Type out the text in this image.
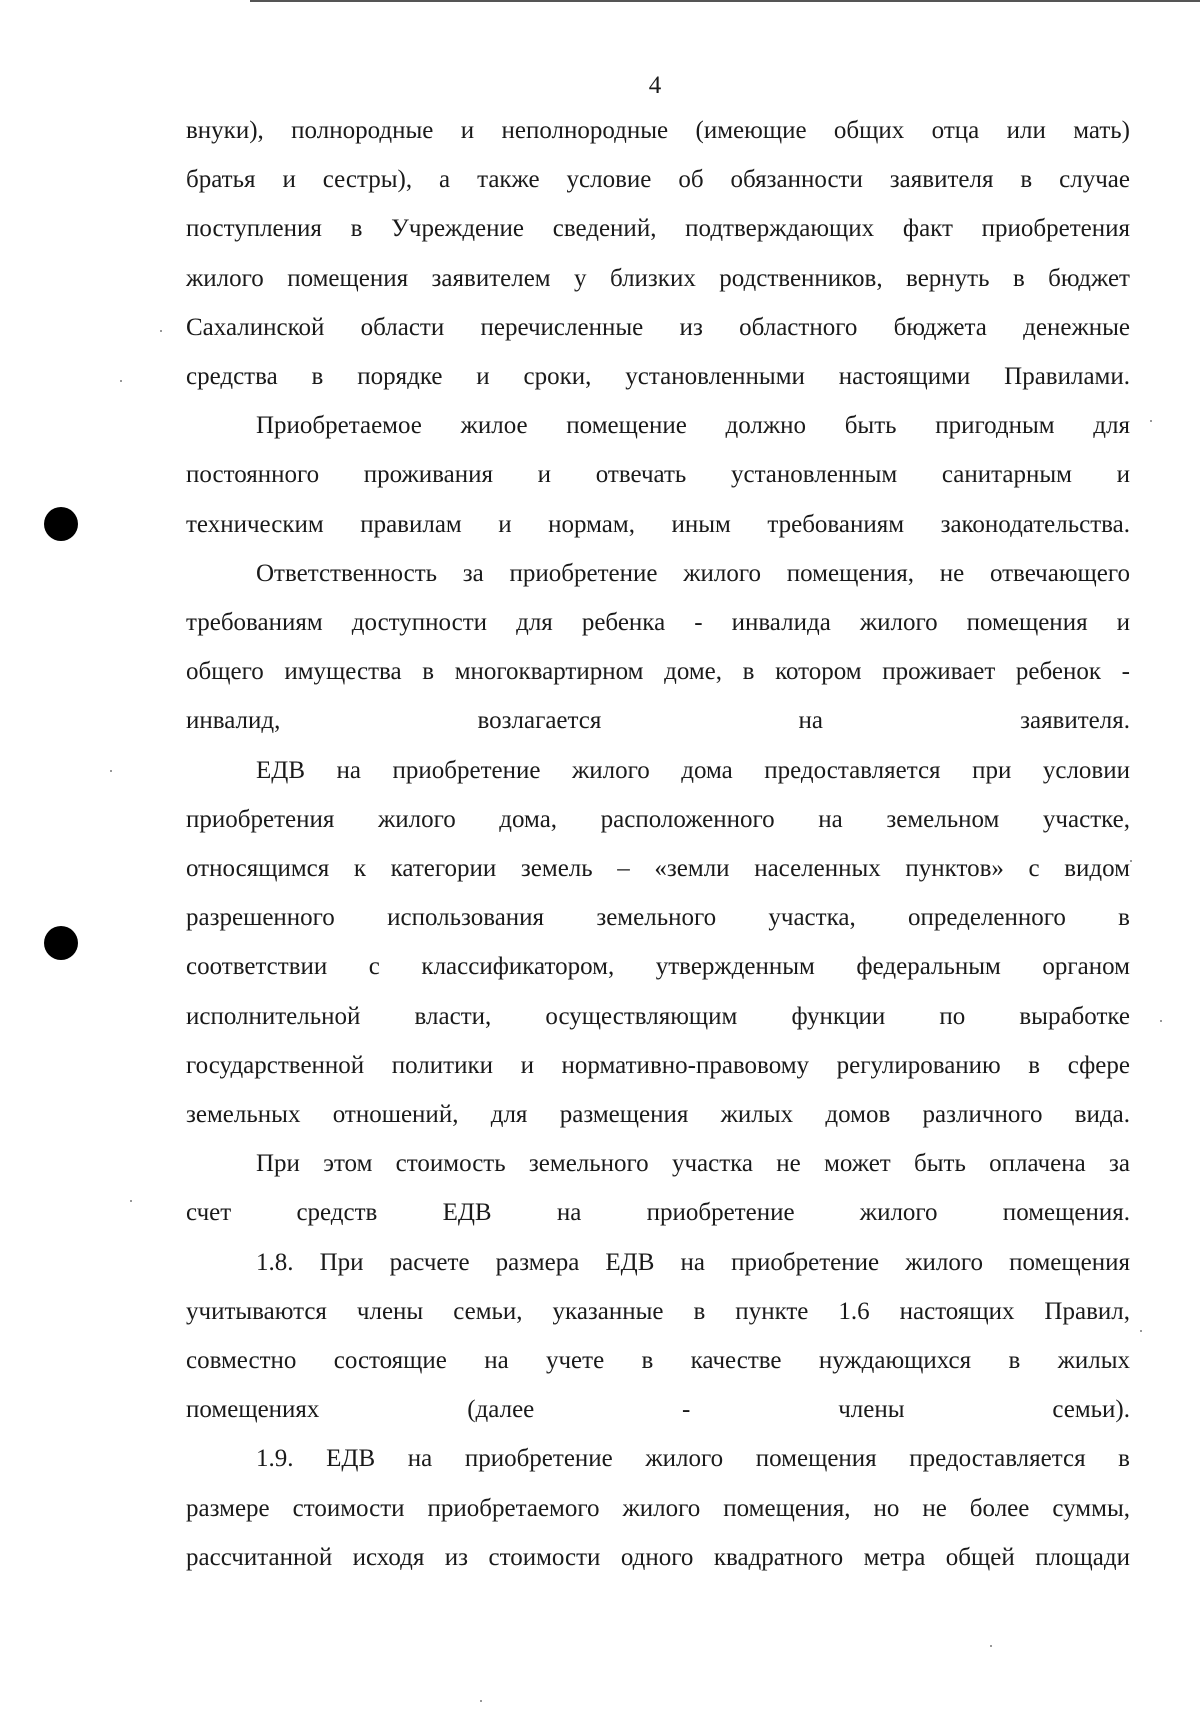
4

внуки), полнородные и неполнородные (имеющие общих отца или мать)
братья и сестры), а также условие об обязанности заявителя в случае
поступления в Учреждение сведений, подтверждающих факт приобретения
жилого помещения заявителем у близких родственников, вернуть в бюджет
Сахалинской области перечисленные из областного бюджета денежные
средства в порядке и сроки, установленными настоящими Правилами.

Приобретаемое жилое помещение должно быть пригодным для
постоянного проживания и отвечать установленным санитарным и
техническим правилам и нормам, иным требованиям законодательства.

Ответственность за приобретение жилого помещения, не отвечающего
требованиям доступности для ребенка - инвалида жилого помещения и
общего имущества в многоквартирном доме, в котором проживает ребенок -
инвалид, возлагается на заявителя.

ЕДВ на приобретение жилого дома предоставляется при условии
приобретения жилого дома, расположенного на земельном участке,
относящимся к категории земель – «земли населенных пунктов» с видом
разрешенного использования земельного участка, определенного в
соответствии с классификатором, утвержденным федеральным органом
исполнительной власти, осуществляющим функции по выработке
государственной политики и нормативно-правовому регулированию в сфере
земельных отношений, для размещения жилых домов различного вида.

При этом стоимость земельного участка не может быть оплачена за
счет средств ЕДВ на приобретение жилого помещения.

1.8. При расчете размера ЕДВ на приобретение жилого помещения
учитываются члены семьи, указанные в пункте 1.6 настоящих Правил,
совместно состоящие на учете в качестве нуждающихся в жилых
помещениях (далее - члены семьи).

1.9. ЕДВ на приобретение жилого помещения предоставляется в
размере стоимости приобретаемого жилого помещения, но не более суммы,
рассчитанной исходя из стоимости одного квадратного метра общей площади
